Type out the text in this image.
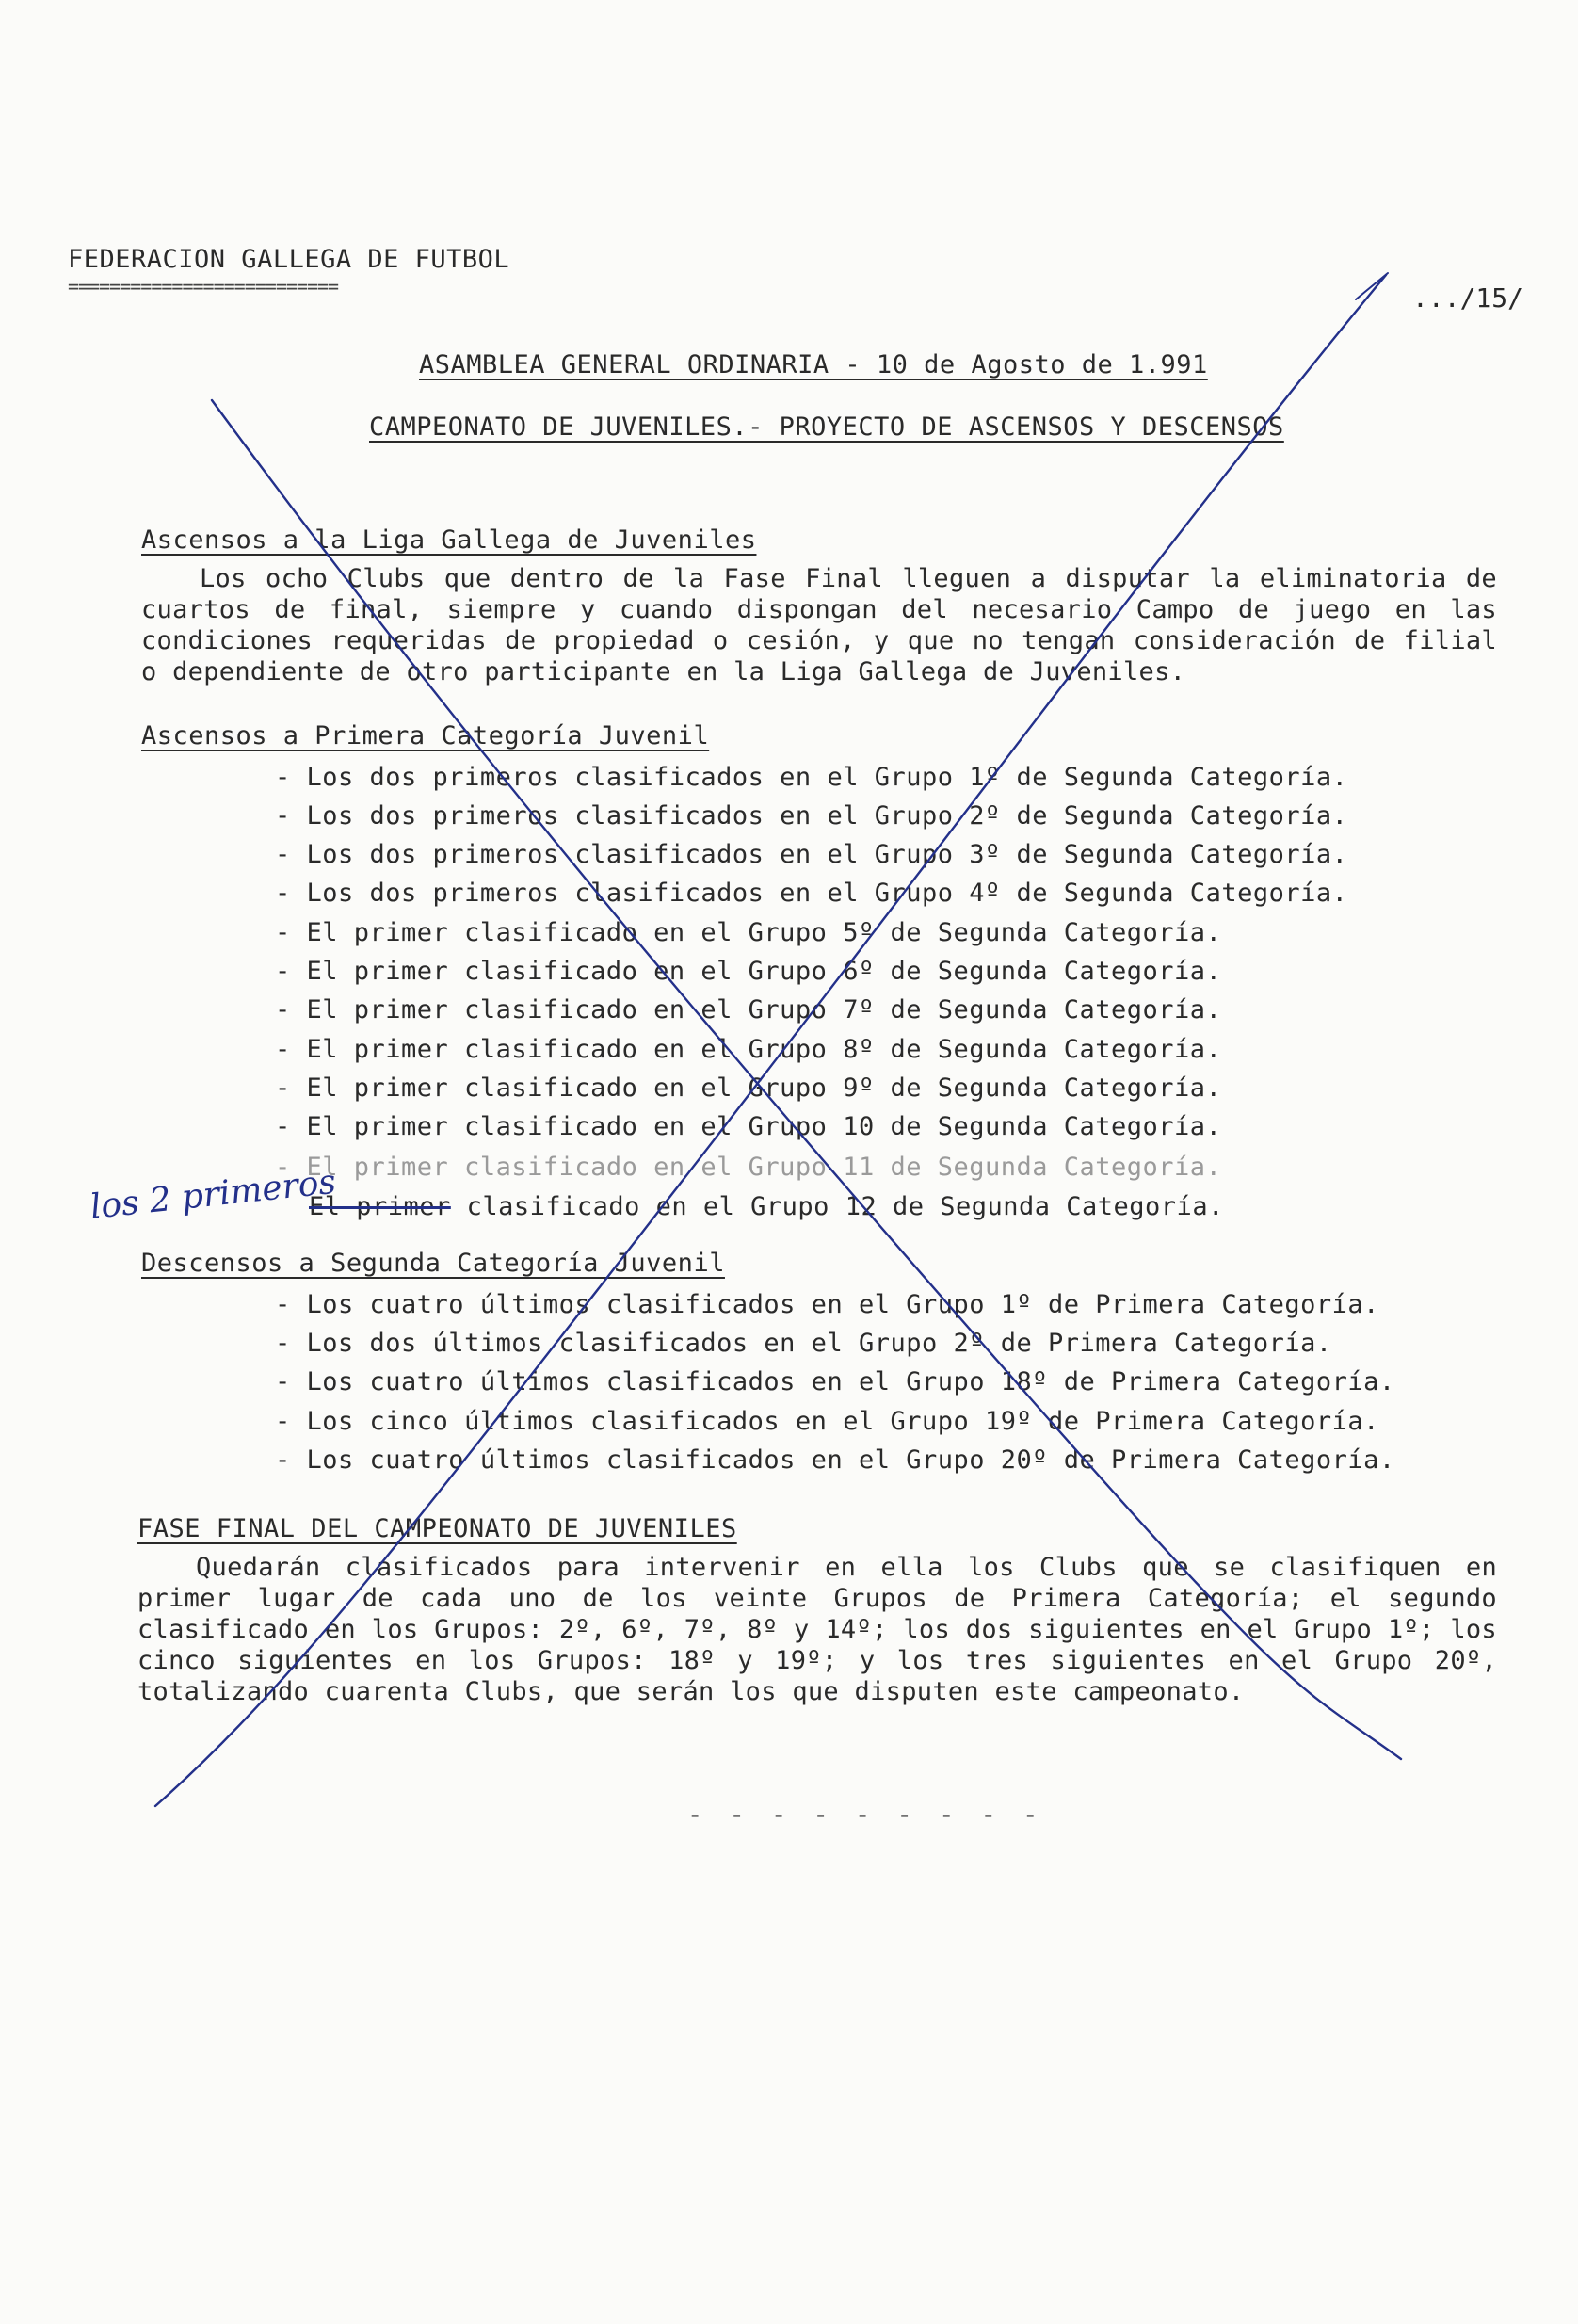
FEDERACION GALLEGA DE FUTBOL
==========================	.../15/
ASAMBLEA GENERAL ORDINARIA - 10 de Agosto de 1.991
CAMPEONATO DE JUVENILES.- PROYECTO DE ASCENSOS Y DESCENSOS
Ascensos a la Liga Gallega de Juveniles
Los ocho Clubs que dentro de la Fase Final lleguen a disputar la eliminatoria de cuartos de final, siempre y cuando dispongan del necesario Campo de juego en las condiciones requeridas de propiedad o cesión, y que no tengan consideración de filial o dependiente de otro participante en la Liga Gallega de Juveniles.
Ascensos a Primera Categoría Juvenil
- Los dos primeros clasificados en el Grupo 1º de Segunda Categoría.
- Los dos primeros clasificados en el Grupo 2º de Segunda Categoría.
- Los dos primeros clasificados en el Grupo 3º de Segunda Categoría.
- Los dos primeros clasificados en el Grupo 4º de Segunda Categoría.
- El primer clasificado en el Grupo 5º de Segunda Categoría.
- El primer clasificado en el Grupo 6º de Segunda Categoría.
- El primer clasificado en el Grupo 7º de Segunda Categoría.
- El primer clasificado en el Grupo 8º de Segunda Categoría.
- El primer clasificado en el Grupo 9º de Segunda Categoría.
- El primer clasificado en el Grupo 10 de Segunda Categoría.
- El primer clasificado en el Grupo 11 de Segunda Categoría.
El primer clasificado en el Grupo 12 de Segunda Categoría.
los 2 primeros
Descensos a Segunda Categoría Juvenil
- Los cuatro últimos clasificados en el Grupo 1º de Primera Categoría.
- Los dos últimos clasificados en el Grupo 2º de Primera Categoría.
- Los cuatro últimos clasificados en el Grupo 18º de Primera Categoría.
- Los cinco últimos clasificados en el Grupo 19º de Primera Categoría.
- Los cuatro últimos clasificados en el Grupo 20º de Primera Categoría.
FASE FINAL DEL CAMPEONATO DE JUVENILES
Quedarán clasificados para intervenir en ella los Clubs que se clasifiquen en primer lugar de cada uno de los veinte Grupos de Primera Categoría; el segundo clasificado en los Grupos: 2º, 6º, 7º, 8º y 14º; los dos siguientes en el Grupo 1º; los cinco siguientes en los Grupos: 18º y 19º; y los tres siguientes en el Grupo 20º, totalizando cuarenta Clubs, que serán los que disputen este campeonato.
- - - - - - - - -
